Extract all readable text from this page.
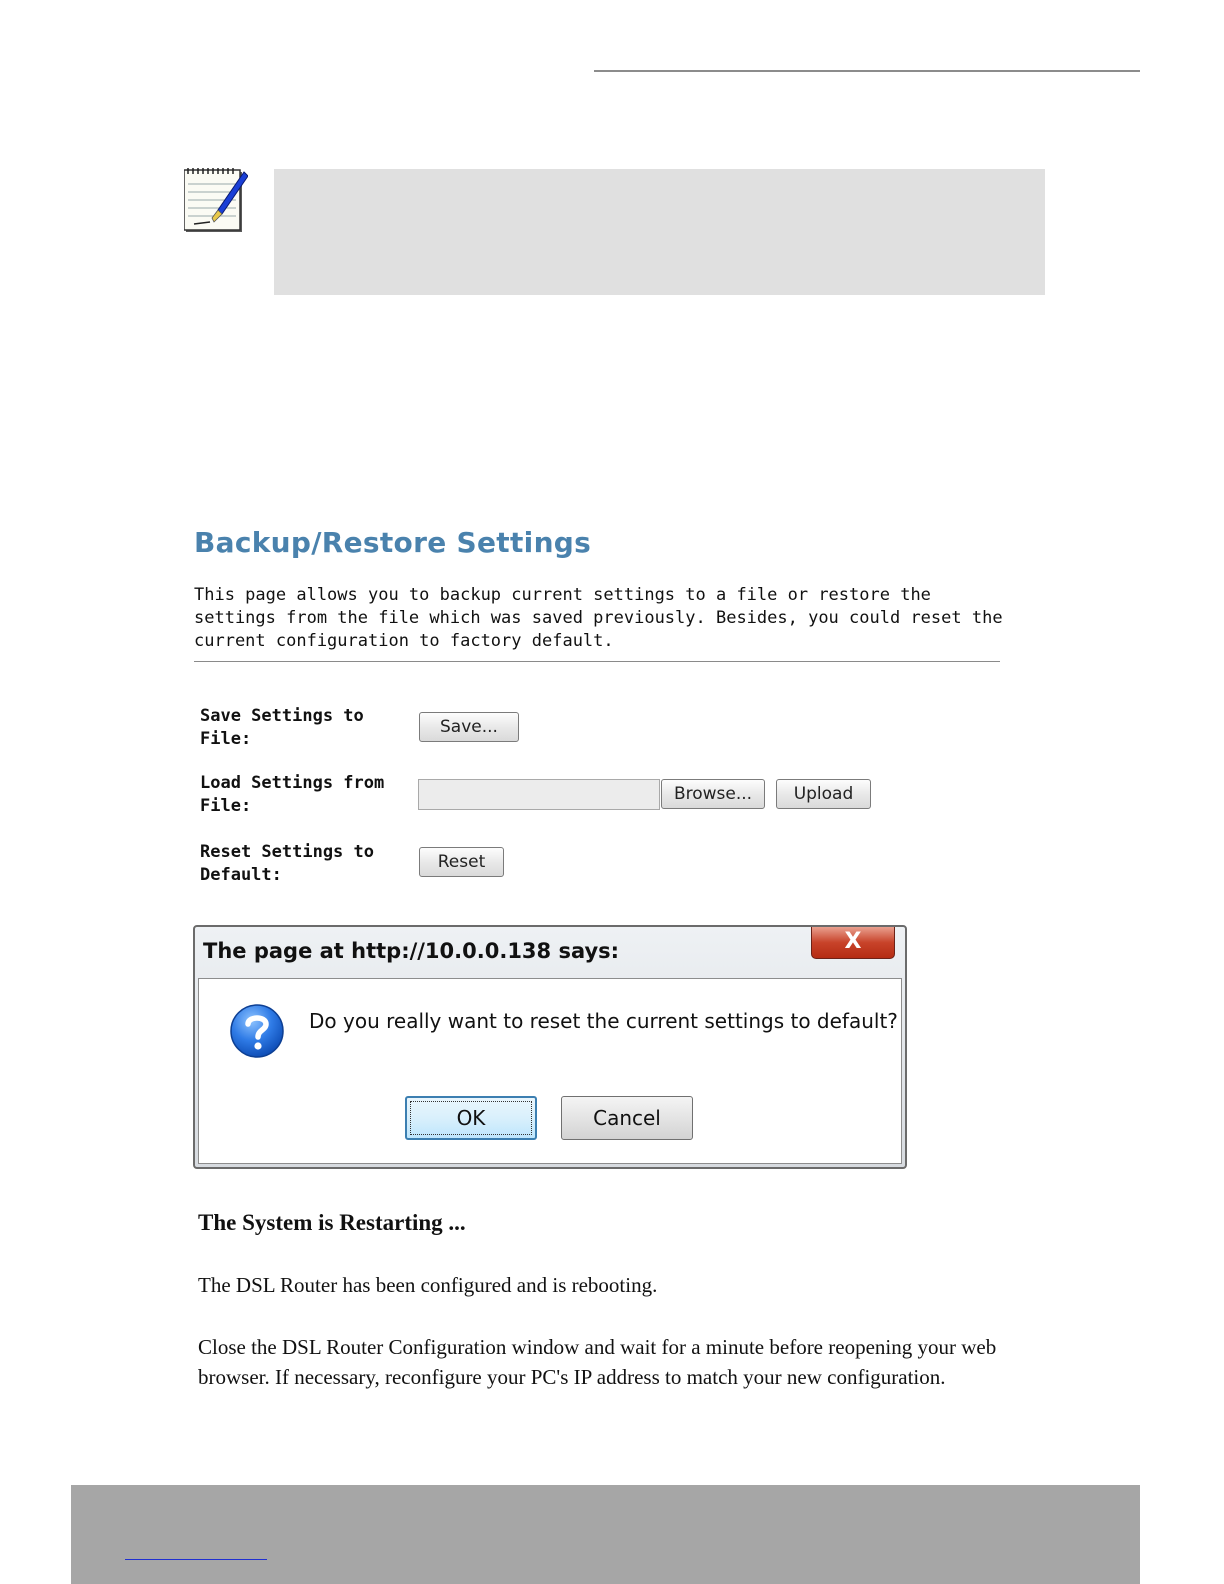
Backup/Restore Settings

This page allows you to backup current settings to a file or restore the settings from the file which was saved previously. Besides, you could reset the current configuration to factory default.

Save Settings to File:
Save...
Load Settings from File:
Browse...	Upload
Reset Settings to Default:
Reset
The page at http://10.0.0.138 says:	X
Do you really want to reset the current settings to default?
OK	Cancel

The System is Restarting ...

The DSL Router has been configured and is rebooting.

Close the DSL Router Configuration window and wait for a minute before reopening your web browser. If necessary, reconfigure your PC's IP address to match your new configuration.
